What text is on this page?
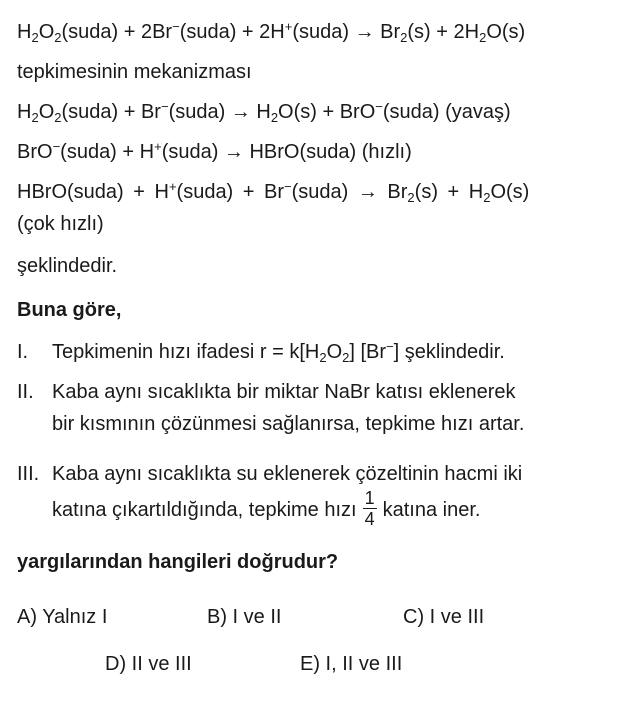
$H_2O_2(suda)$ + 2Br−(suda) + 2H+(suda) → $Br_2(s) + 2H_2O(s)$
tepkimesinin mekanizması
$H_2O_2(suda)$ + Br−(suda) → $H_2O(s)$ + BrO−(suda) (yavaş)
BrO−(suda) + H+(suda) → HBrO(suda) (hızlı)
HBrO(suda) + H+(suda) + Br−(suda) → $Br_2(s) + H_2O(s)$
(çok hızlı)
şeklindedir.
Buna göre,
I. Tepkimenin hızı ifadesi $r = k[H_2O_2]$ [Br−] şeklindedir.
II. Kaba aynı sıcaklıkta bir miktar NaBr katısı eklenerek
bir kısmının çözünmesi sağlanırsa, tepkime hızı artar.
III. Kaba aynı sıcaklıkta su eklenerek çözeltinin hacmi iki
katına çıkartıldığında, tepkime hızı $\frac{1}{4}$ katına iner.
yargılarından hangileri doğrudur?
A) Yalnız I	B) I ve II	C) I ve III
D) II ve III	E) I, II ve III
